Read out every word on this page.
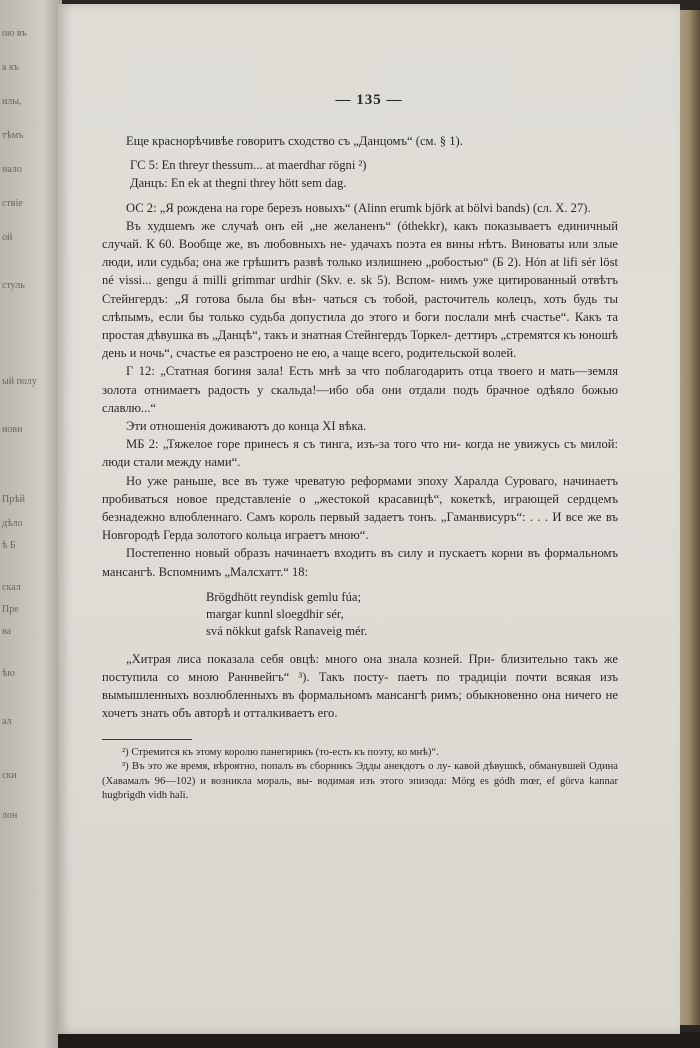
ою въ
а къ
илы,
тѣмъ
нало
ствіе
ой
стуль
ый полу
новн
Прѣй
дѣло
ѣ Б
скал
Пре
ва
ѣю
ал
ски
лон
— 135 —

Еще краснорѣчивѣе говоритъ сходство съ „Данцомъ“ (см. § 1).

ГС 5: En threyr thessum... at maerdhar rögni ²)
Данцъ: En ek at thegni threy hött sem dag.

ОС 2: „Я рождена на горе березъ новыхъ“ (Alinn erumk björk at bölvi bands) (сл. X. 27).

Въ худшемъ же случаѣ онъ ей „не желаненъ“ (óthekkr), какъ показываетъ единичный случай. К 60. Вообще же, въ любовныхъ не- удачахъ поэта ея вины нѣтъ. Виноваты или злые люди, или судьба; она же грѣшитъ развѣ только излишнею „робостью“ (Б 2). Hón at lifi sér löst né vissi... gengu á milli grimmar urdhir (Skv. e. sk 5). Вспом- нимъ уже цитированный отвѣтъ Стейнгердъ: „Я готова была бы вѣн- чаться съ тобой, расточитель колецъ, хоть будь ты слѣпымъ, если бы только судьба допустила до этого и боги послали мнѣ счастье“. Какъ та простая дѣвушка въ „Данцѣ“, такъ и знатная Стейнгердъ Торкел- деттиръ „стремятся къ юношѣ день и ночь“, счастье ея разстроено не ею, а чаще всего, родительской волей.

Г 12: „Статная богиня зала! Есть мнѣ за что поблагодарить отца твоего и мать—земля золота отнимаетъ радость у скальда!—ибо оба они отдали подъ брачное одѣяло божью славлю...“

Эти отношенія доживаютъ до конца XI вѣка.

МБ 2: „Тяжелое горе принесъ я съ тинга, изъ-за того что ни- когда не увижусь съ милой: люди стали между нами“.

Но уже раньше, все въ туже чреватую реформами эпоху Харалда Суроваго, начинаетъ пробиваться новое представленіе о „жестокой красавицѣ“, кокеткѣ, играющей сердцемъ безнадежно влюбленнаго. Самъ король первый задаетъ тонъ. „Гаманвисуръ“: . . . И все же въ Новгородѣ Герда золотого кольца играетъ мною“.

Постепенно новый образъ начинаетъ входить въ силу и пускаетъ корни въ формальномъ мансангѣ. Вспомнимъ „Малсхатт.“ 18:

Brögdhött reyndisk gemlu fúa;
margar kunnl sloegdhir sér,
svá nökkut gafsk Ranaveig mér.

„Хитрая лиса показала себя овцѣ: много она знала козней. При- близительно такъ же поступила со мною Раннвейгъ“ ³). Такъ посту- паетъ по традиціи почти всякая изъ вымышленныхъ возлюбленныхъ въ формальномъ мансангѣ римъ; обыкновенно она ничего не хочетъ знать объ авторѣ и отталкиваетъ его.

²) Стремится къ этому королю панегирикъ (то-есть къ поэту, ко мнѣ)“.

³) Въ это же время, вѣроятно, попалъ въ сборникъ Эдды анекдотъ о лу- кавой дѣвушкѣ, обманувшей Одина (Хавамалъ 96—102) и возникла мораль, вы- водимая изъ этого эпизода: Mörg es gódh mœr, ef görva kannar hugbrigdh vidh hali.
